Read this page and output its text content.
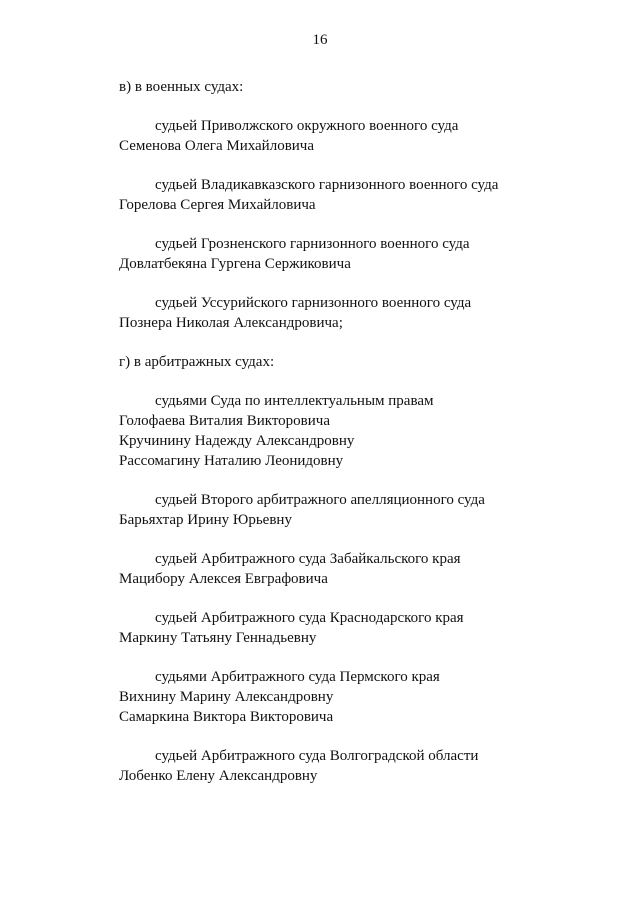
16
в) в военных судах:
судьей Приволжского окружного военного суда
Семенова Олега Михайловича
судьей Владикавказского гарнизонного военного суда
Горелова Сергея Михайловича
судьей Грозненского гарнизонного военного суда
Довлатбекяна Гургена Сержиковича
судьей Уссурийского гарнизонного военного суда
Познера Николая Александровича;
г) в арбитражных судах:
судьями Суда по интеллектуальным правам
Голофаева Виталия Викторовича
Кручинину Надежду Александровну
Рассомагину Наталию Леонидовну
судьей Второго арбитражного апелляционного суда
Барьяхтар Ирину Юрьевну
судьей Арбитражного суда Забайкальского края
Мацибору Алексея Евграфовича
судьей Арбитражного суда Краснодарского края
Маркину Татьяну Геннадьевну
судьями Арбитражного суда Пермского края
Вихнину Марину Александровну
Самаркина Виктора Викторовича
судьей Арбитражного суда Волгоградской области
Лобенко Елену Александровну
